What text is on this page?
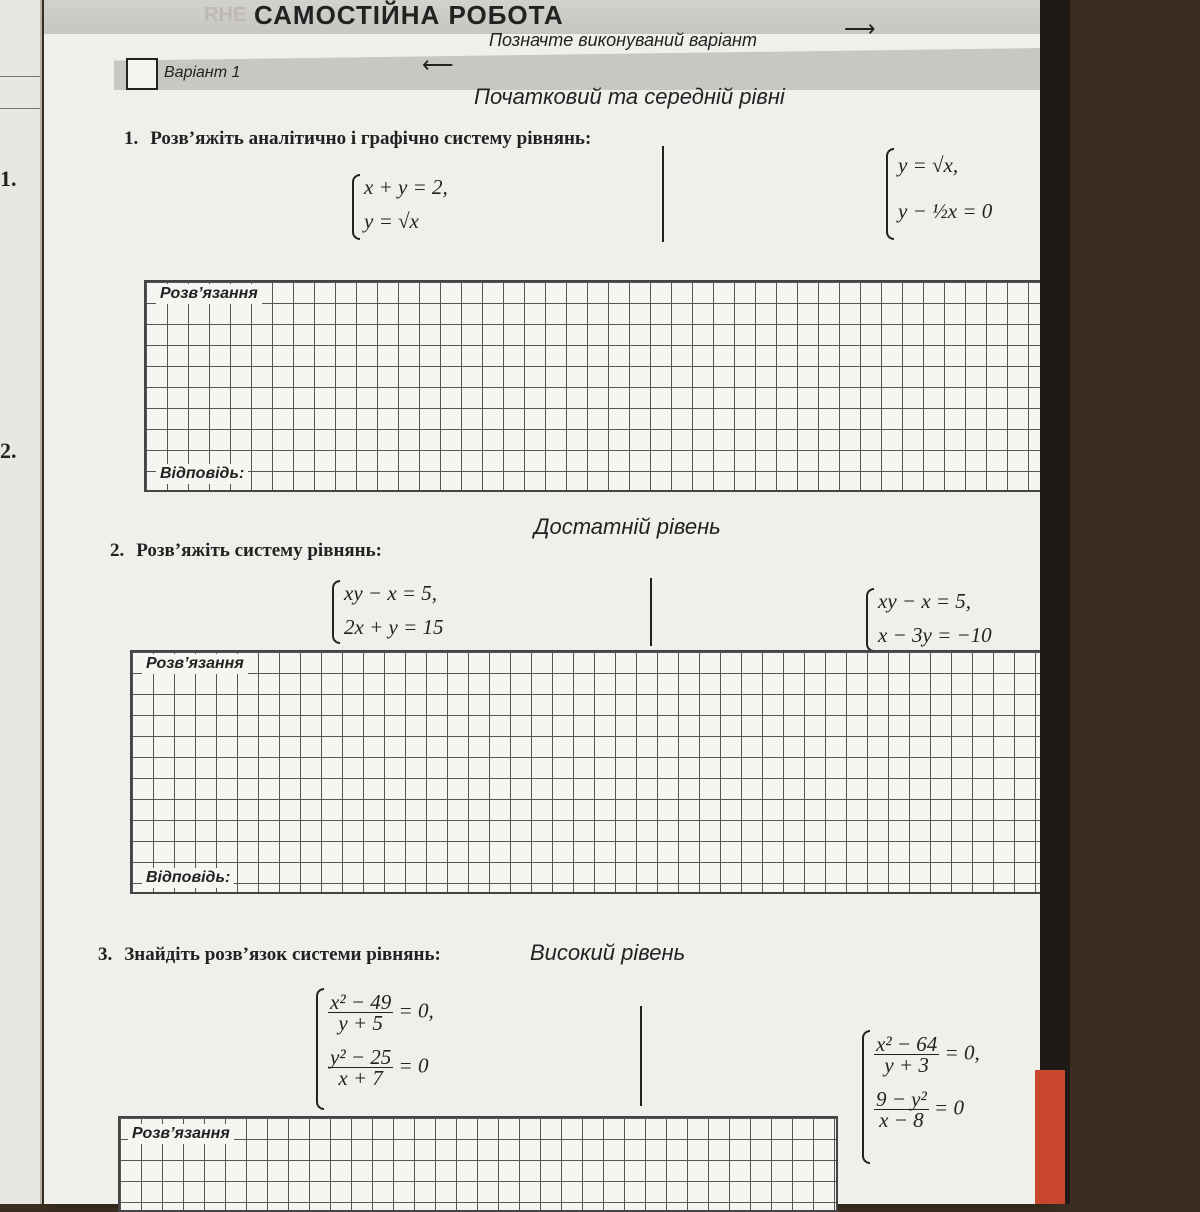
1.
2.
RHE САМОСТІЙНА РОБОТА
Варіант 1	⟵
Позначте виконуваний варіант	⟶
Початковий та середній рівні
1. Розв’яжіть аналітично і графічно систему рівнянь:
x + y = 2,
y = √x
y = √x,
y − ½x = 0
Розв’язання
Відповідь:
Достатній рівень
2. Розв’яжіть систему рівнянь:
xy − x = 5,
2x + y = 15
xy − x = 5,
x − 3y = −10
Розв’язання
Відповідь:
Високий рівень
3. Знайдіть розв’язок системи рівнянь:
$\frac{\text{x² − 49}}{y + 5} = 0$,
$\frac{\text{y² − 25}}{x + 7} = 0$	$\frac{\text{x² − 64}}{y + 3} = 0$,
$\frac{\text{9 − y²}}{x - 8} = 0$
Розв’язання
